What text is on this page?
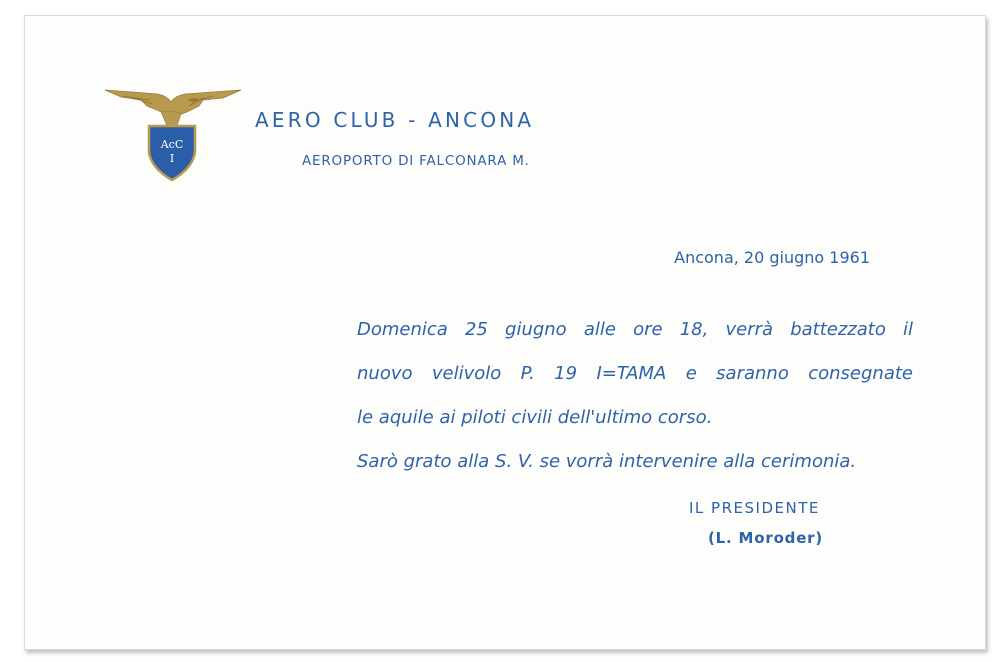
AcC
I
AERO CLUB - ANCONA
AEROPORTO DI FALCONARA M.
Ancona, 20 giugno 1961

Domenica 25 giugno alle ore 18, verrà battezzato il

nuovo velivolo P. 19 I=TAMA e saranno consegnate

le aquile ai piloti civili dell'ultimo corso.

Sarò grato alla S. V. se vorrà intervenire alla cerimonia.

IL PRESIDENTE
(L. Moroder)
